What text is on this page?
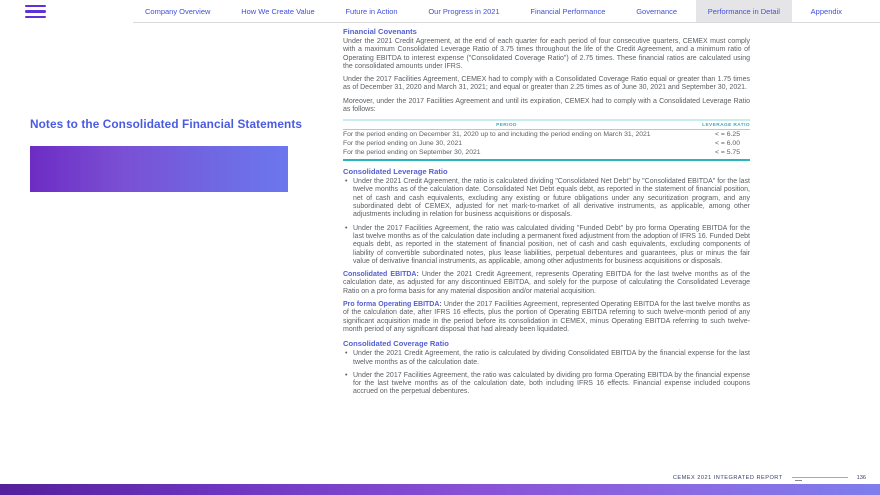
Company Overview	How We Create Value	Future in Action	Our Progress in 2021	Financial Performance	Governance	Performance in Detail	Appendix
Notes to the Consolidated Financial Statements
Financial Covenants

Under the 2021 Credit Agreement, at the end of each quarter for each period of four consecutive quarters, CEMEX must comply with a maximum Consolidated Leverage Ratio of 3.75 times throughout the life of the Credit Agreement, and a minimum ratio of Operating EBITDA to interest expense ("Consolidated Coverage Ratio") of 2.75 times. These financial ratios are calculated using the consolidated amounts under IFRS.

Under the 2017 Facilities Agreement, CEMEX had to comply with a Consolidated Coverage Ratio equal or greater than 1.75 times as of December 31, 2020 and March 31, 2021; and equal or greater than 2.25 times as of June 30, 2021 and September 30, 2021.

Moreover, under the 2017 Facilities Agreement and until its expiration, CEMEX had to comply with a Consolidated Leverage Ratio as follows:

PERIOD	LEVERAGE RATIO
For the period ending on December 31, 2020 up to and including the period ending on March 31, 2021	< = 6.25
For the period ending on June 30, 2021	< = 6.00
For the period ending on September 30, 2021	< = 5.75
Consolidated Leverage Ratio
• Under the 2021 Credit Agreement, the ratio is calculated dividing "Consolidated Net Debt" by "Consolidated EBITDA" for the last twelve months as of the calculation date. Consolidated Net Debt equals debt, as reported in the statement of financial position, net of cash and cash equivalents, excluding any existing or future obligations under any securitization program, and any subordinated debt of CEMEX, adjusted for net mark-to-market of all derivative instruments, as applicable, among other adjustments including in relation for business acquisitions or disposals.
• Under the 2017 Facilities Agreement, the ratio was calculated dividing "Funded Debt" by pro forma Operating EBITDA for the last twelve months as of the calculation date including a permanent fixed adjustment from the adoption of IFRS 16. Funded Debt equals debt, as reported in the statement of financial position, net of cash and cash equivalents, excluding components of liability of convertible subordinated notes, plus lease liabilities, perpetual debentures and guarantees, plus or minus the fair value of derivative financial instruments, as applicable, among other adjustments for business acquisitions or disposals.

Consolidated EBITDA: Under the 2021 Credit Agreement, represents Operating EBITDA for the last twelve months as of the calculation date, as adjusted for any discontinued EBITDA, and solely for the purpose of calculating the Consolidated Leverage Ratio on a pro forma basis for any material disposition and/or material acquisition.

Pro forma Operating EBITDA: Under the 2017 Facilities Agreement, represented Operating EBITDA for the last twelve months as of the calculation date, after IFRS 16 effects, plus the portion of Operating EBITDA referring to such twelve-month period of any significant acquisition made in the period before its consolidation in CEMEX, minus Operating EBITDA referring to such twelve-month period of any significant disposal that had already been liquidated.

Consolidated Coverage Ratio
• Under the 2021 Credit Agreement, the ratio is calculated by dividing Consolidated EBITDA by the financial expense for the last twelve months as of the calculation date.
• Under the 2017 Facilities Agreement, the ratio was calculated by dividing pro forma Operating EBITDA by the financial expense for the last twelve months as of the calculation date, both including IFRS 16 effects. Financial expense included coupons accrued on the perpetual debentures.
CEMEX 2021 INTEGRATED REPORT	136
